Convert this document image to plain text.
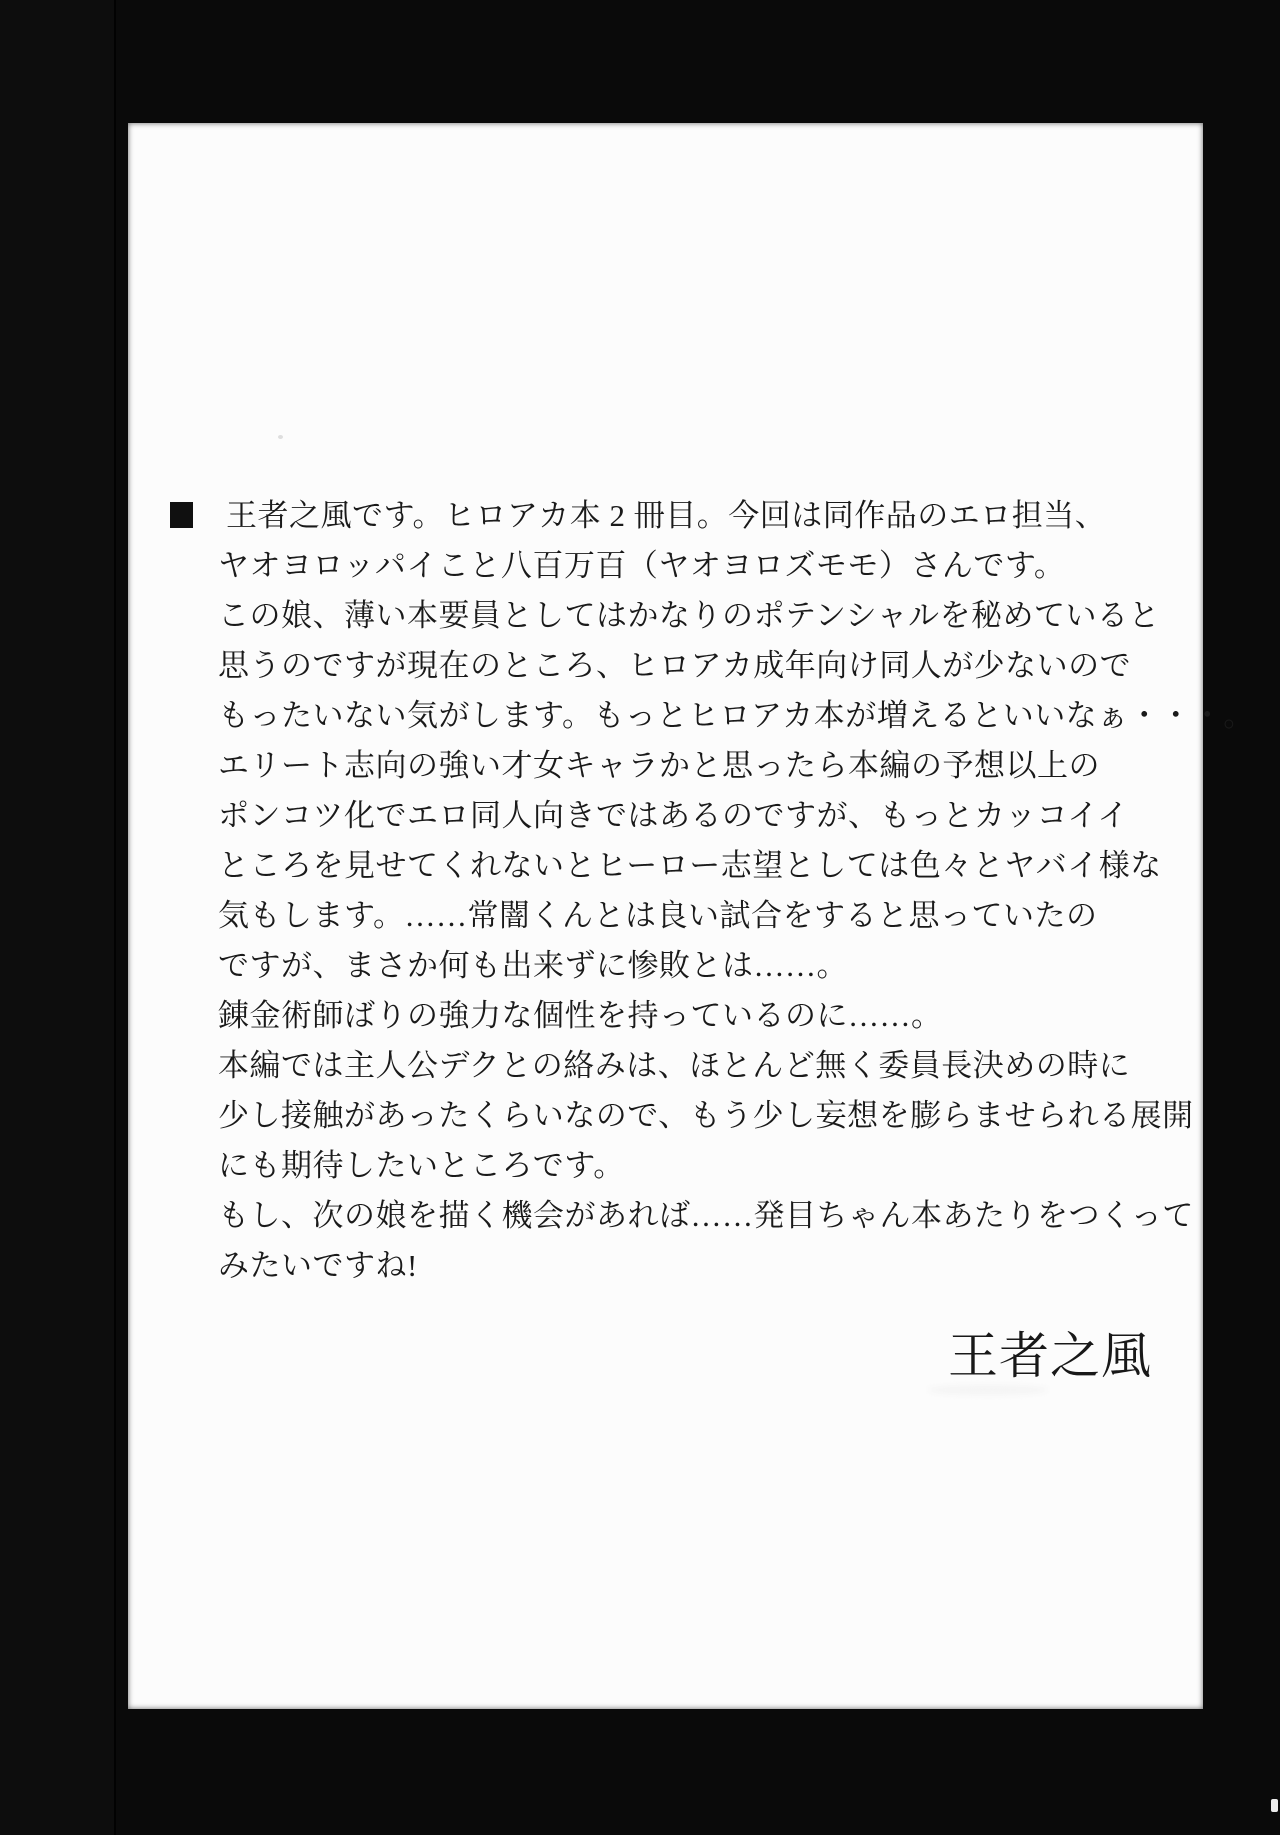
王者之風です。ヒロアカ本 2 冊目。今回は同作品のエロ担当、
ヤオヨロッパイこと八百万百（ヤオヨロズモモ）さんです。
この娘、薄い本要員としてはかなりのポテンシャルを秘めていると
思うのですが現在のところ、ヒロアカ成年向け同人が少ないので
もったいない気がします。もっとヒロアカ本が増えるといいなぁ・・・。
エリート志向の強い才女キャラかと思ったら本編の予想以上の
ポンコツ化でエロ同人向きではあるのですが、もっとカッコイイ
ところを見せてくれないとヒーロー志望としては色々とヤバイ様な
気もします。……常闇くんとは良い試合をすると思っていたの
ですが、まさか何も出来ずに惨敗とは……。
錬金術師ばりの強力な個性を持っているのに……。
本編では主人公デクとの絡みは、ほとんど無く委員長決めの時に
少し接触があったくらいなので、もう少し妄想を膨らませられる展開
にも期待したいところです。
もし、次の娘を描く機会があれば……発目ちゃん本あたりをつくって
みたいですね!
王者之風
